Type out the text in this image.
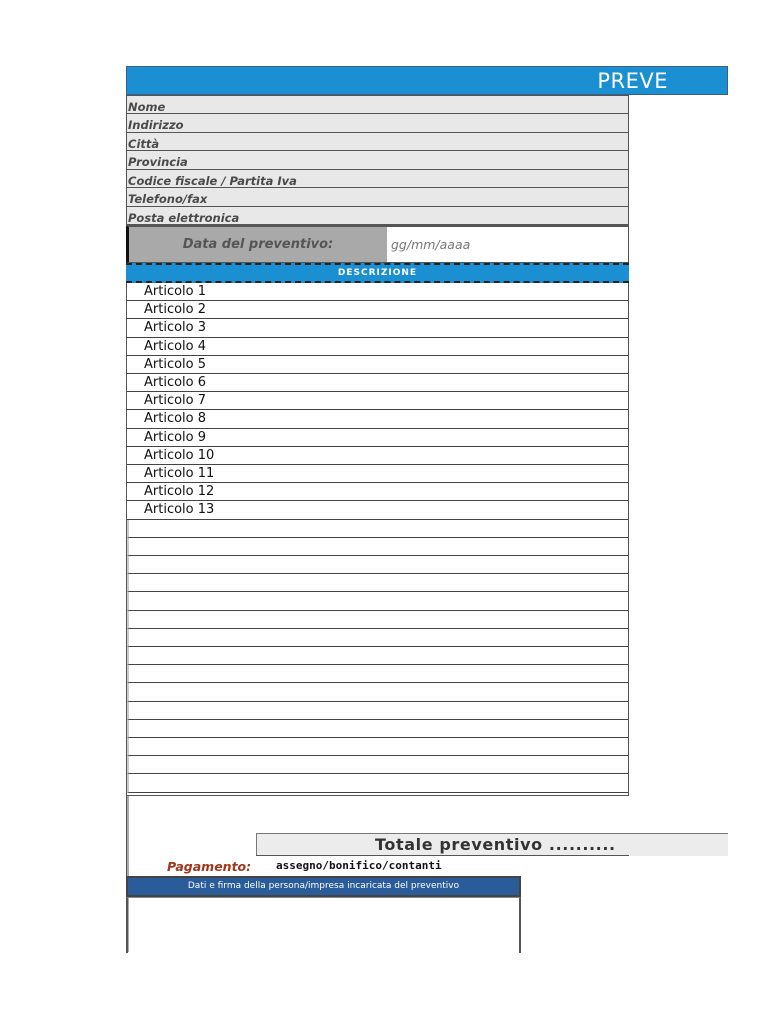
PREVE
Nome
Indirizzo
Città
Provincia
Codice fiscale / Partita Iva
Telefono/fax
Posta elettronica
Data del preventivo:	gg/mm/aaaa
DESCRIZIONE
Articolo 1
Articolo 2
Articolo 3
Articolo 4
Articolo 5
Articolo 6
Articolo 7
Articolo 8
Articolo 9
Articolo 10
Articolo 11
Articolo 12
Articolo 13
Totale preventivo ..........
Pagamento: assegno/bonifico/contanti
Dati e firma della persona/impresa incaricata del preventivo
